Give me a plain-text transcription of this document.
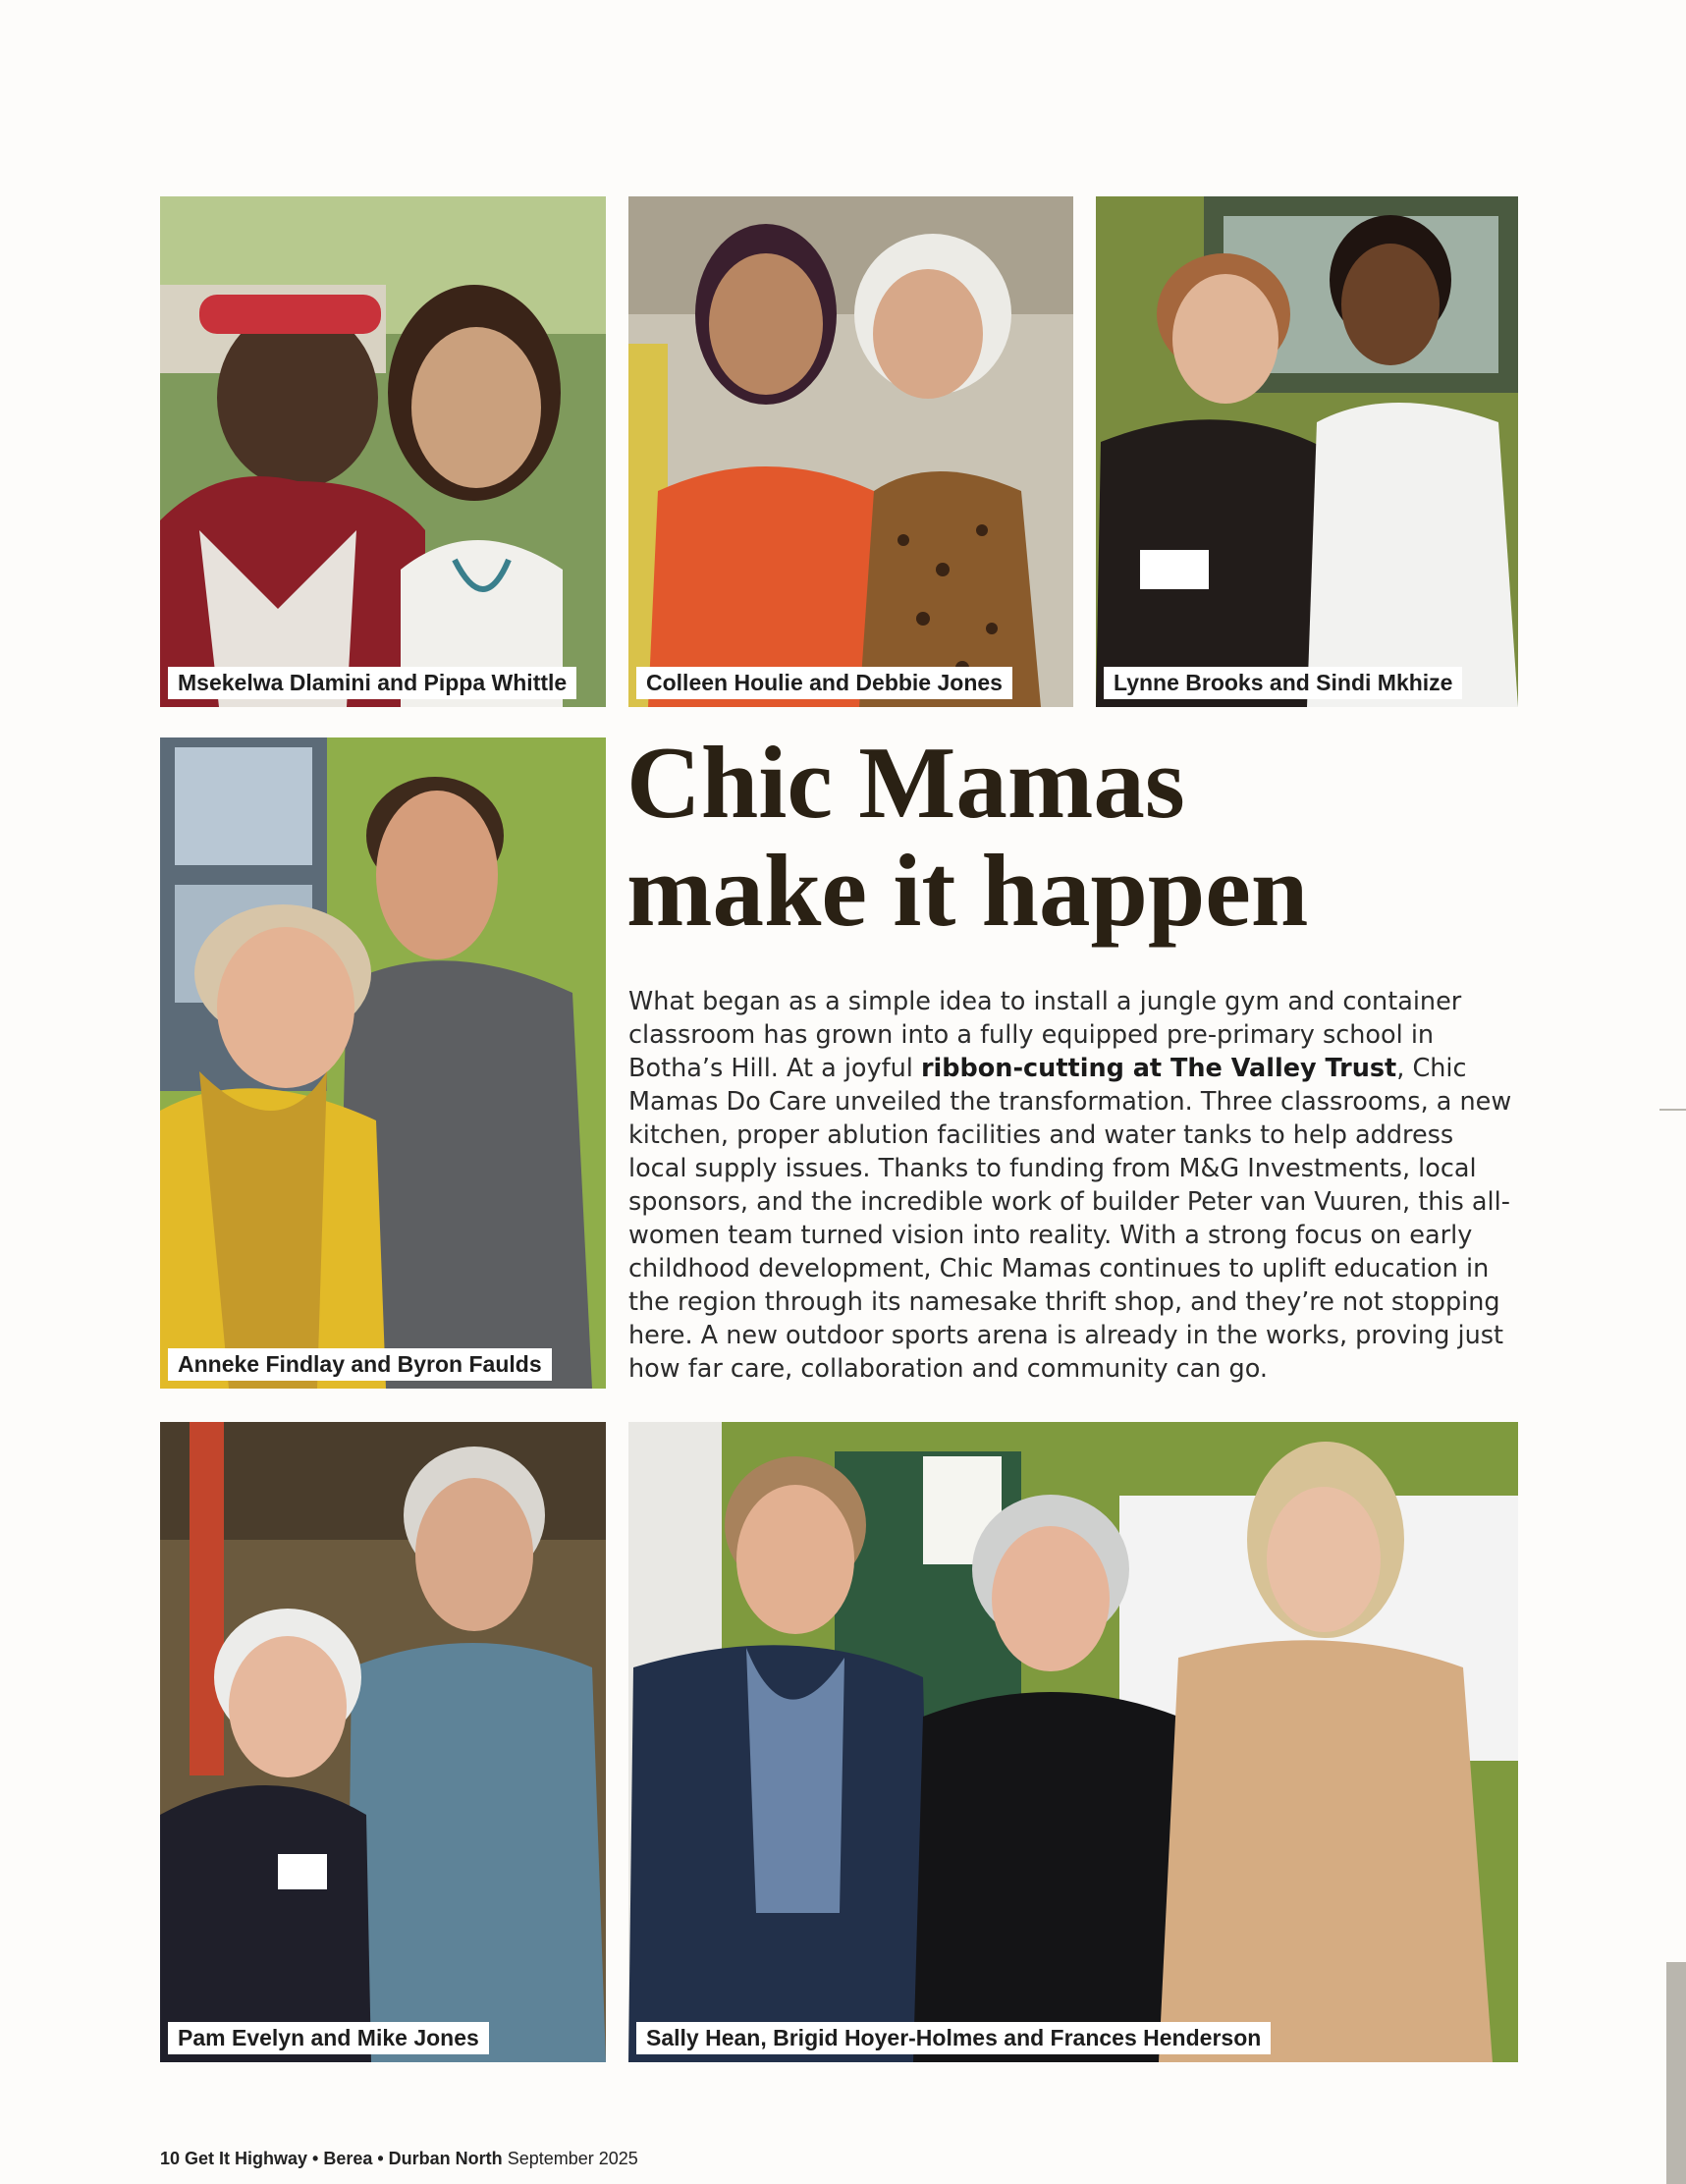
Msekelwa Dlamini and Pippa Whittle	Colleen Houlie and Debbie Jones	Lynne Brooks and Sindi Mkhize
Anneke Findlay and Byron Faulds
Chic Mamas
make it happen

What began as a simple idea to install a jungle gym and container classroom has grown into a fully equipped pre-primary school in Botha’s Hill. At a joyful ribbon-cutting at The Valley Trust, Chic Mamas Do Care unveiled the transformation. Three classrooms, a new kitchen, proper ablution facilities and water tanks to help address local supply issues. Thanks to funding from M&G Investments, local sponsors, and the incredible work of builder Peter van Vuuren, this all-women team turned vision into reality. With a strong focus on early childhood development, Chic Mamas continues to uplift education in the region through its namesake thrift shop, and they’re not stopping here. A new outdoor sports arena is already in the works, proving just how far care, collaboration and community can go.

Pam Evelyn and Mike Jones	Sally Hean, Brigid Hoyer-Holmes and Frances Henderson
10 Get It Highway • Berea • Durban North September 2025
